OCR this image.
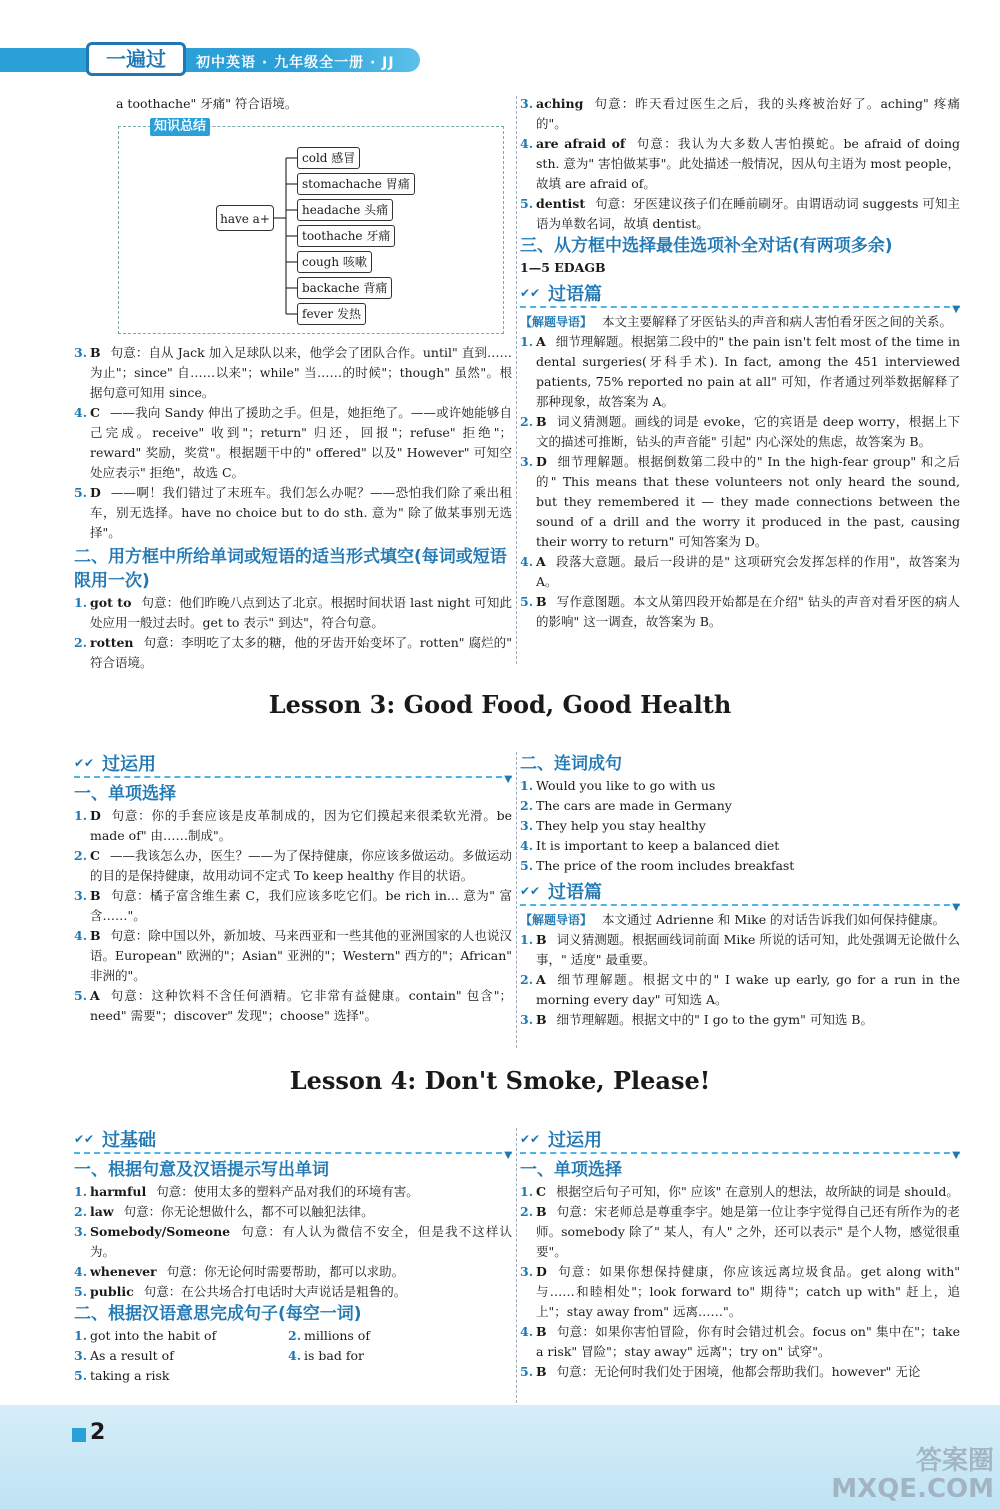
一遍过	初中英语 · 九年级全一册 · JJ
a toothache" 牙痛" 符合语境。
知识总结
have a+
cold 感冒
stomachache 胃痛
headache 头痛
toothache 牙痛
cough 咳嗽
backache 背痛
fever 发热
3. B 句意：自从 Jack 加入足球队以来，他学会了团队合作。until" 直到……为止"；since" 自……以来"；while" 当……的时候"；though" 虽然"。根据句意可知用 since。
4. C ——我向 Sandy 伸出了援助之手。但是，她拒绝了。——或许她能够自己完成。receive" 收到"；return" 归还，回报"；refuse" 拒绝"；reward" 奖励，奖赏"。根据题干中的" offered" 以及" However" 可知空处应表示" 拒绝"，故选 C。
5. D ——啊！我们错过了末班车。我们怎么办呢？——恐怕我们除了乘出租车，别无选择。have no choice but to do sth. 意为" 除了做某事别无选择"。
二、用方框中所给单词或短语的适当形式填空(每词或短语限用一次)
1. got to 句意：他们昨晚八点到达了北京。根据时间状语 last night 可知此处应用一般过去时。get to 表示" 到达"，符合句意。
2. rotten 句意：李明吃了太多的糖，他的牙齿开始变坏了。rotten" 腐烂的" 符合语境。
3. aching 句意：昨天看过医生之后，我的头疼被治好了。aching" 疼痛的"。
4. are afraid of 句意：我认为大多数人害怕摸蛇。be afraid of doing sth. 意为" 害怕做某事"。此处描述一般情况，因从句主语为 most people，故填 are afraid of。
5. dentist 句意：牙医建议孩子们在睡前刷牙。由谓语动词 suggests 可知主语为单数名词，故填 dentist。
三、从方框中选择最佳选项补全对话(有两项多余)
1—5 EDAGB
✔✔ 过语篇
▼
【解题导语】 本文主要解释了牙医钻头的声音和病人害怕看牙医之间的关系。
1. A 细节理解题。根据第二段中的" the pain isn't felt most of the time in dental surgeries(牙科手术). In fact, among the 451 interviewed patients, 75% reported no pain at all" 可知，作者通过列举数据解释了那种现象，故答案为 A。
2. B 词义猜测题。画线的词是 evoke，它的宾语是 deep worry，根据上下文的描述可推断，钻头的声音能" 引起" 内心深处的焦虑，故答案为 B。
3. D 细节理解题。根据倒数第二段中的" In the high-fear group" 和之后的" This means that these volunteers not only heard the sound, but they remembered it — they made connections between the sound of a drill and the worry it produced in the past, causing their worry to return" 可知答案为 D。
4. A 段落大意题。最后一段讲的是" 这项研究会发挥怎样的作用"，故答案为 A。
5. B 写作意图题。本文从第四段开始都是在介绍" 钻头的声音对看牙医的病人的影响" 这一调查，故答案为 B。
Lesson 3: Good Food, Good Health
✔✔ 过运用
▼
一、单项选择
1. D 句意：你的手套应该是皮革制成的，因为它们摸起来很柔软光滑。be made of" 由……制成"。
2. C ——我该怎么办，医生？——为了保持健康，你应该多做运动。多做运动的目的是保持健康，故用动词不定式 To keep healthy 作目的状语。
3. B 句意：橘子富含维生素 C，我们应该多吃它们。be rich in... 意为" 富含……"。
4. B 句意：除中国以外，新加坡、马来西亚和一些其他的亚洲国家的人也说汉语。European" 欧洲的"；Asian" 亚洲的"；Western" 西方的"；African" 非洲的"。
5. A 句意：这种饮料不含任何酒精。它非常有益健康。contain" 包含"；need" 需要"；discover" 发现"；choose" 选择"。
二、连词成句
1. Would you like to go with us
2. The cars are made in Germany
3. They help you stay healthy
4. It is important to keep a balanced diet
5. The price of the room includes breakfast
✔✔ 过语篇
▼
【解题导语】 本文通过 Adrienne 和 Mike 的对话告诉我们如何保持健康。
1. B 词义猜测题。根据画线词前面 Mike 所说的话可知，此处强调无论做什么事，" 适度" 最重要。
2. A 细节理解题。根据文中的" I wake up early, go for a run in the morning every day" 可知选 A。
3. B 细节理解题。根据文中的" I go to the gym" 可知选 B。
Lesson 4: Don't Smoke, Please!
✔✔ 过基础
▼
一、根据句意及汉语提示写出单词
1. harmful 句意：使用太多的塑料产品对我们的环境有害。
2. law 句意：你无论想做什么，都不可以触犯法律。
3. Somebody/Someone 句意：有人认为微信不安全，但是我不这样认为。
4. whenever 句意：你无论何时需要帮助，都可以求助。
5. public 句意：在公共场合打电话时大声说话是粗鲁的。
二、根据汉语意思完成句子(每空一词)
1. got into the habit of	2. millions of
3. As a result of	4. is bad for
5. taking a risk
✔✔ 过运用
▼
一、单项选择
1. C 根据空后句子可知，你" 应该" 在意别人的想法，故所缺的词是 should。
2. B 句意：宋老师总是尊重李宇。她是第一位让李宇觉得自己还有所作为的老师。somebody 除了" 某人，有人" 之外，还可以表示" 是个人物，感觉很重要"。
3. D 句意：如果你想保持健康，你应该远离垃圾食品。get along with" 与……和睦相处"；look forward to" 期待"；catch up with" 赶上，追上"；stay away from" 远离……"。
4. B 句意：如果你害怕冒险，你有时会错过机会。focus on" 集中在"；take a risk" 冒险"；stay away" 远离"；try on" 试穿"。
5. B 句意：无论何时我们处于困境，他都会帮助我们。however" 无论
2
答案圈
MXQE.COM
